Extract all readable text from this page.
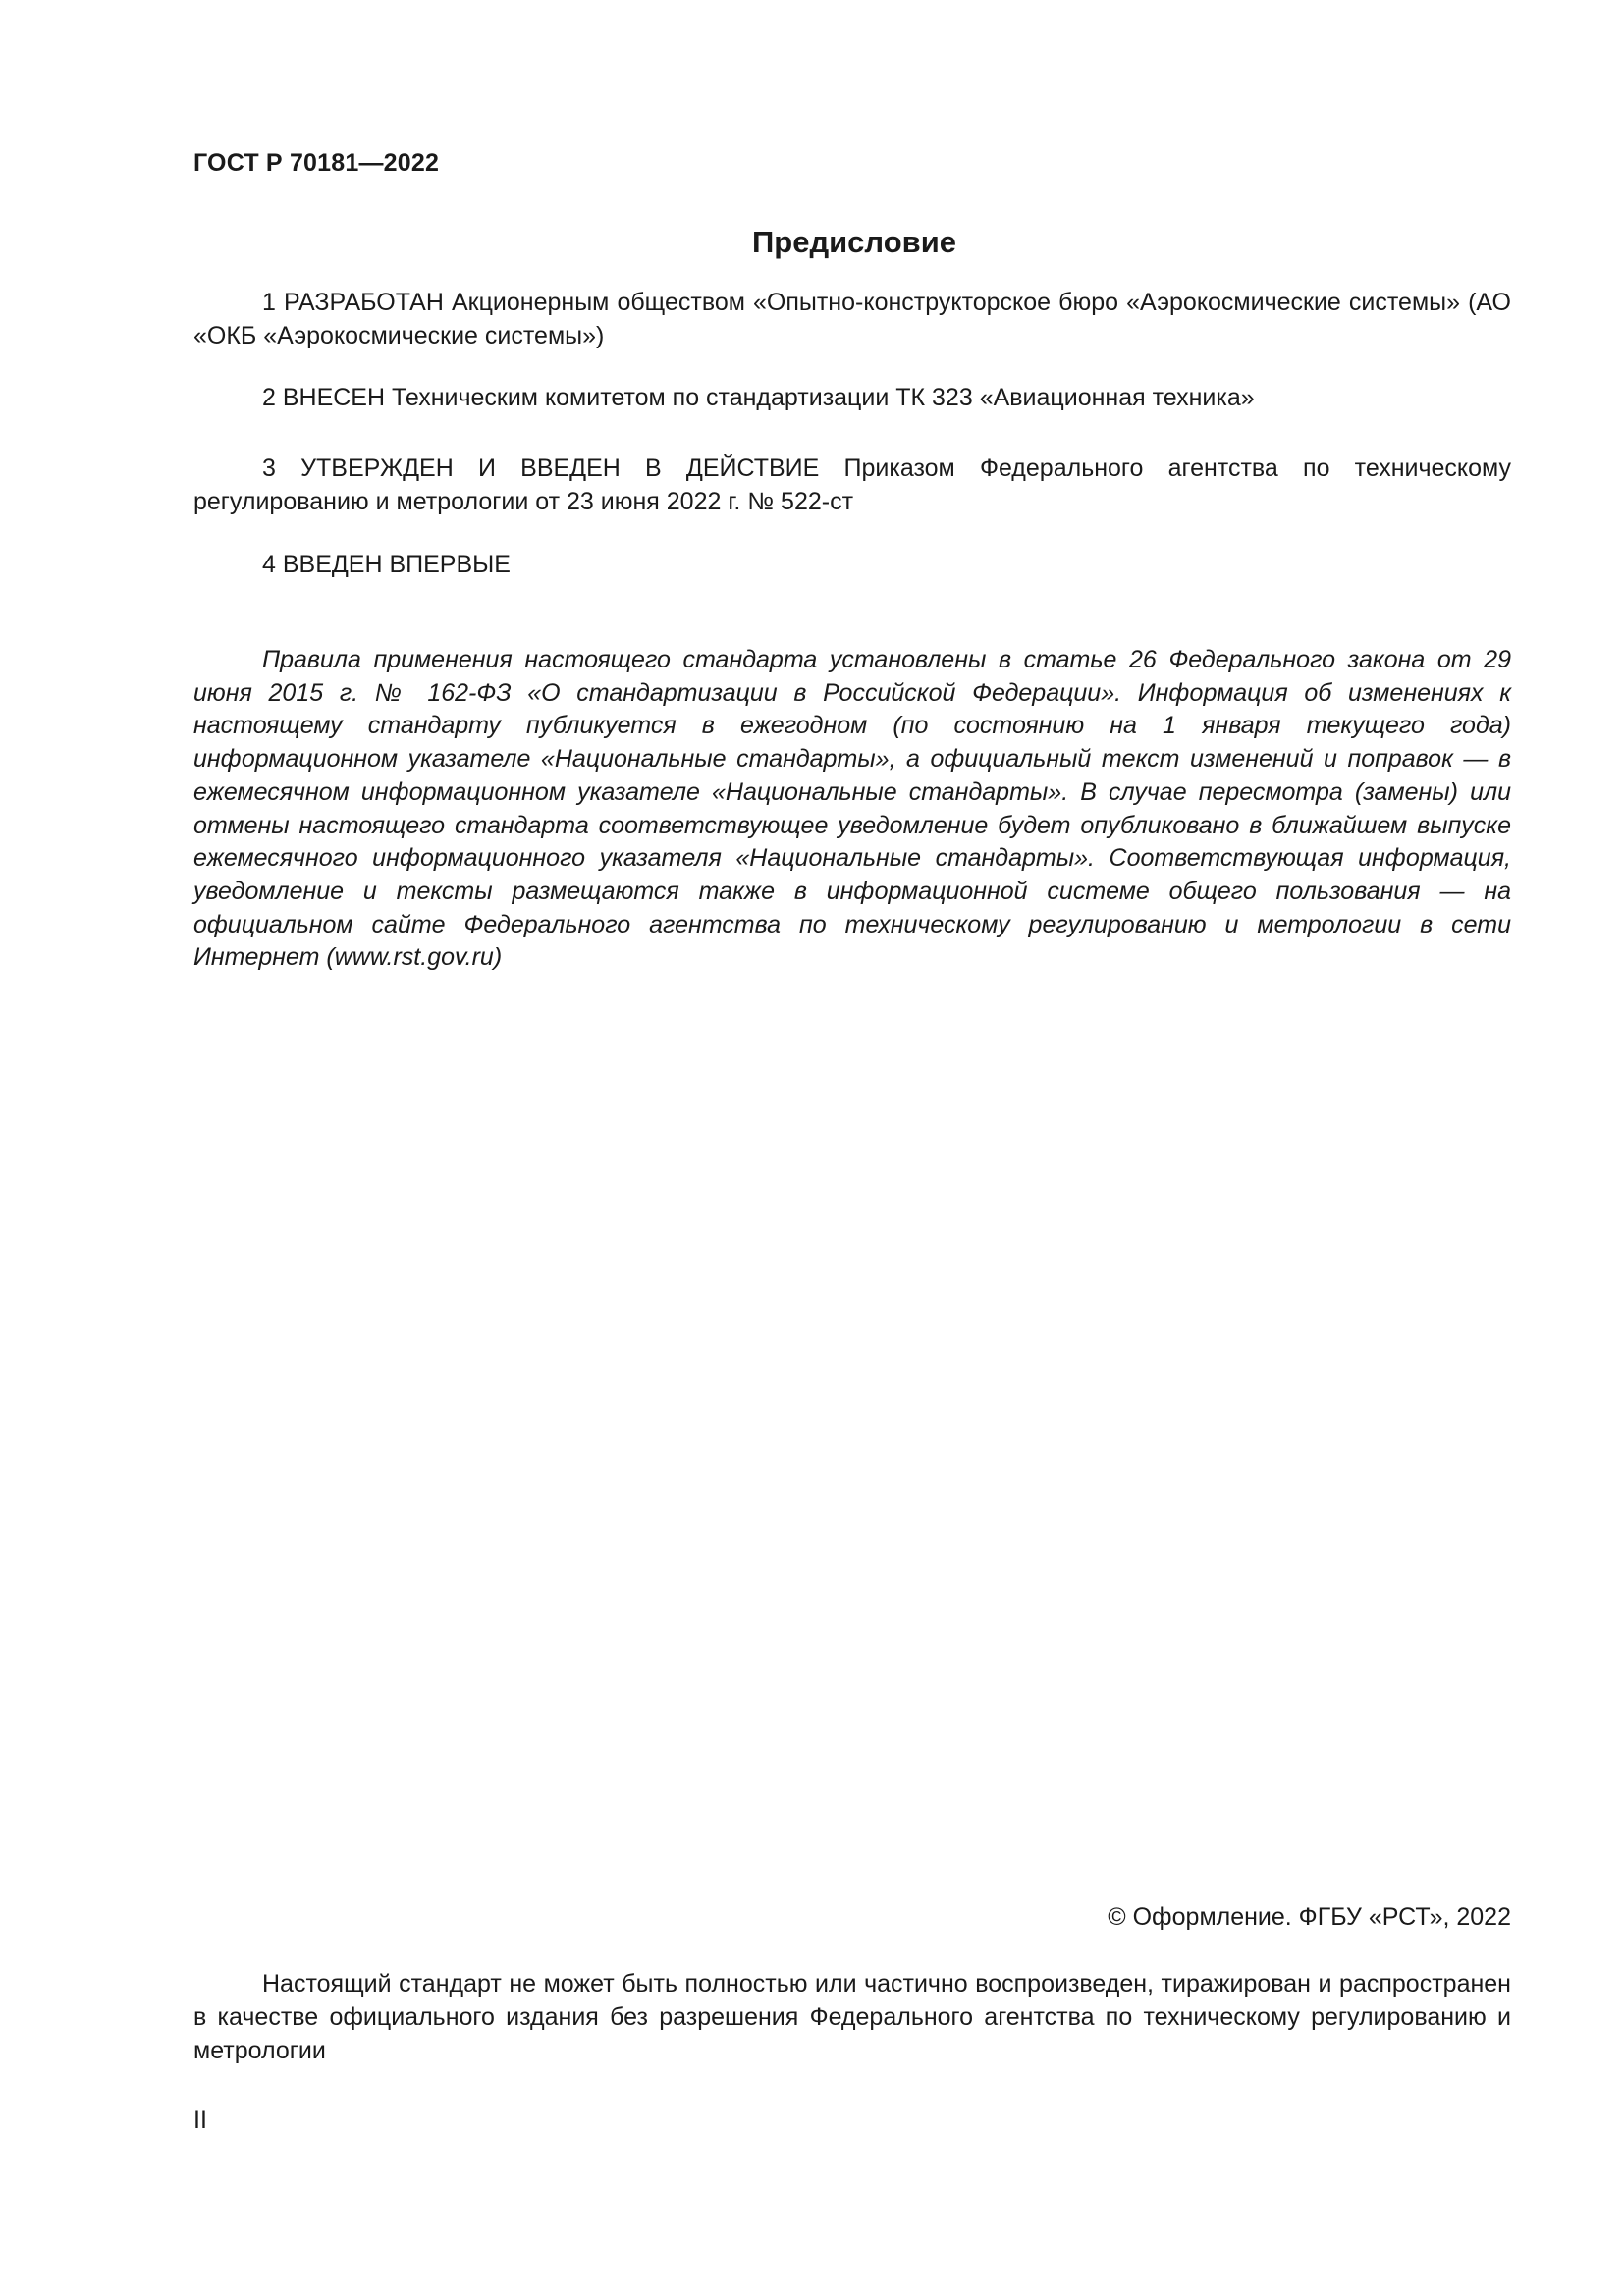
ГОСТ Р 70181—2022
Предисловие

1 РАЗРАБОТАН Акционерным обществом «Опытно-конструкторское бюро «Аэрокосмические системы» (АО «ОКБ «Аэрокосмические системы»)

2 ВНЕСЕН Техническим комитетом по стандартизации ТК 323 «Авиационная техника»

3 УТВЕРЖДЕН И ВВЕДЕН В ДЕЙСТВИЕ Приказом Федерального агентства по техническому регулированию и метрологии от 23 июня 2022 г. № 522-ст

4 ВВЕДЕН ВПЕРВЫЕ

Правила применения настоящего стандарта установлены в статье 26 Федерального закона от 29 июня 2015 г. № 162-ФЗ «О стандартизации в Российской Федерации». Информация об изменениях к настоящему стандарту публикуется в ежегодном (по состоянию на 1 января текущего года) информационном указателе «Национальные стандарты», а официальный текст изменений и поправок — в ежемесячном информационном указателе «Национальные стандарты». В случае пересмотра (замены) или отмены настоящего стандарта соответствующее уведомление будет опубликовано в ближайшем выпуске ежемесячного информационного указателя «Национальные стандарты». Соответствующая информация, уведомление и тексты размещаются также в информационной системе общего пользования — на официальном сайте Федерального агентства по техническому регулированию и метрологии в сети Интернет (www.rst.gov.ru)

© Оформление. ФГБУ «РСТ», 2022

Настоящий стандарт не может быть полностью или частично воспроизведен, тиражирован и распространен в качестве официального издания без разрешения Федерального агентства по техническому регулированию и метрологии

II
